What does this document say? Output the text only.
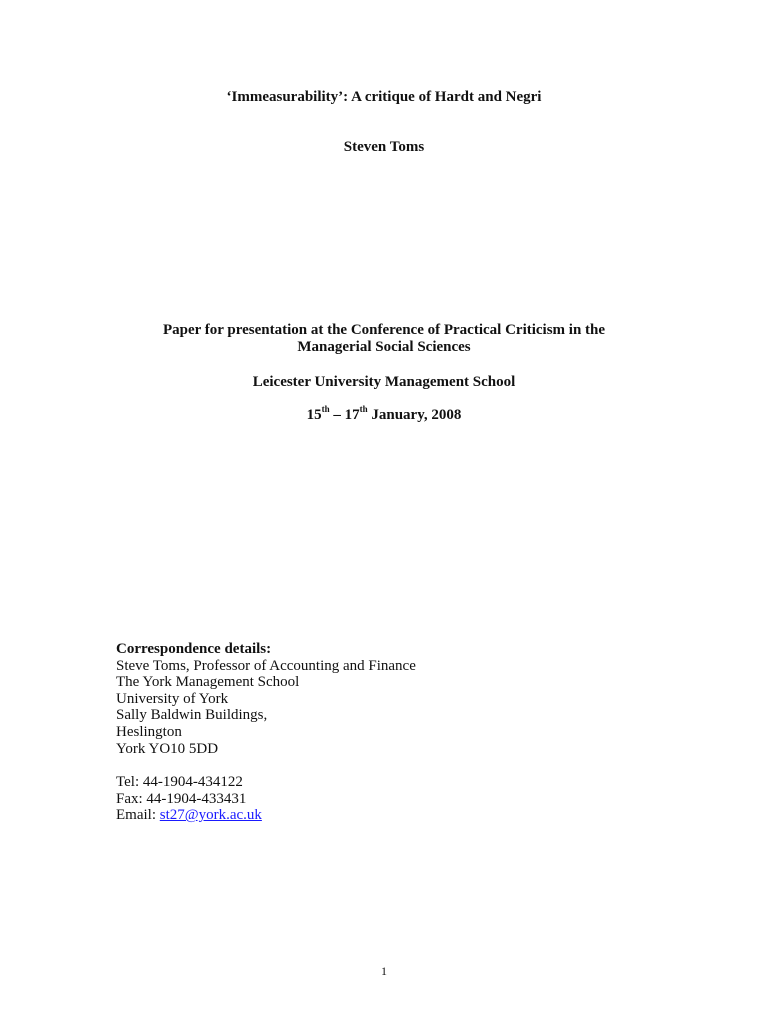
‘Immeasurability’: A critique of Hardt and Negri
Steven Toms
Paper for presentation at the Conference of Practical Criticism in the
Managerial Social Sciences
Leicester University Management School
15th – 17th January, 2008
Correspondence details:
Steve Toms, Professor of Accounting and Finance
The York Management School
University of York
Sally Baldwin Buildings,
Heslington
York YO10 5DD
Tel: 44-1904-434122
Fax: 44-1904-433431
Email: st27@york.ac.uk
1
